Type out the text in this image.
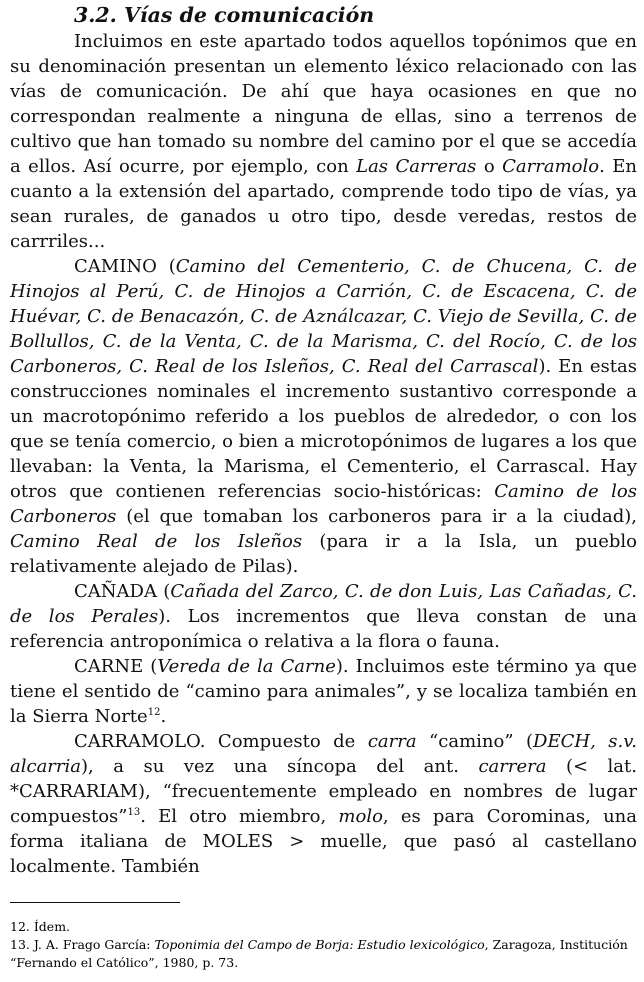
3.2. Vías de comunicación

Incluimos en este apartado todos aquellos topónimos que en su denominación presentan un elemento léxico relacionado con las vías de comunicación. De ahí que haya ocasiones en que no correspondan realmente a ninguna de ellas, sino a terrenos de cultivo que han tomado su nombre del camino por el que se accedía a ellos. Así ocurre, por ejemplo, con Las Carreras o Carramolo. En cuanto a la extensión del apartado, comprende todo tipo de vías, ya sean rurales, de ganados u otro tipo, desde veredas, restos de carrriles...

CAMINO (Camino del Cementerio, C. de Chucena, C. de Hinojos al Perú, C. de Hinojos a Carrión, C. de Escacena, C. de Huévar, C. de Benacazón, C. de Aználcazar, C. Viejo de Sevilla, C. de Bollullos, C. de la Venta, C. de la Marisma, C. del Rocío, C. de los Carboneros, C. Real de los Isleños, C. Real del Carrascal). En estas construcciones nominales el incremento sustantivo corresponde a un macrotopónimo referido a los pueblos de alrededor, o con los que se tenía comercio, o bien a microtopónimos de lugares a los que llevaban: la Venta, la Marisma, el Cementerio, el Carrascal. Hay otros que contienen referencias socio-históricas: Camino de los Carboneros (el que tomaban los carboneros para ir a la ciudad), Camino Real de los Isleños (para ir a la Isla, un pueblo relativamente alejado de Pilas).

CAÑADA (Cañada del Zarco, C. de don Luis, Las Cañadas, C. de los Perales). Los incrementos que lleva constan de una referencia antroponímica o relativa a la flora o fauna.

CARNE (Vereda de la Carne). Incluimos este término ya que tiene el sentido de “camino para animales”, y se localiza también en la Sierra Norte$^{12}$.

CARRAMOLO. Compuesto de carra “camino” (DECH, s.v. alcarria), a su vez una síncopa del ant. carrera (< lat. *CARRARIAM), “frecuentemente empleado en nombres de lugar compuestos”$^{13}$. El otro miembro, molo, es para Corominas, una forma italiana de MOLES > muelle, que pasó al castellano localmente. También

12. Ídem.

13. J. A. Frago García: Toponimia del Campo de Borja: Estudio lexicológico, Zaragoza, Institución “Fernando el Católico”, 1980, p. 73.
